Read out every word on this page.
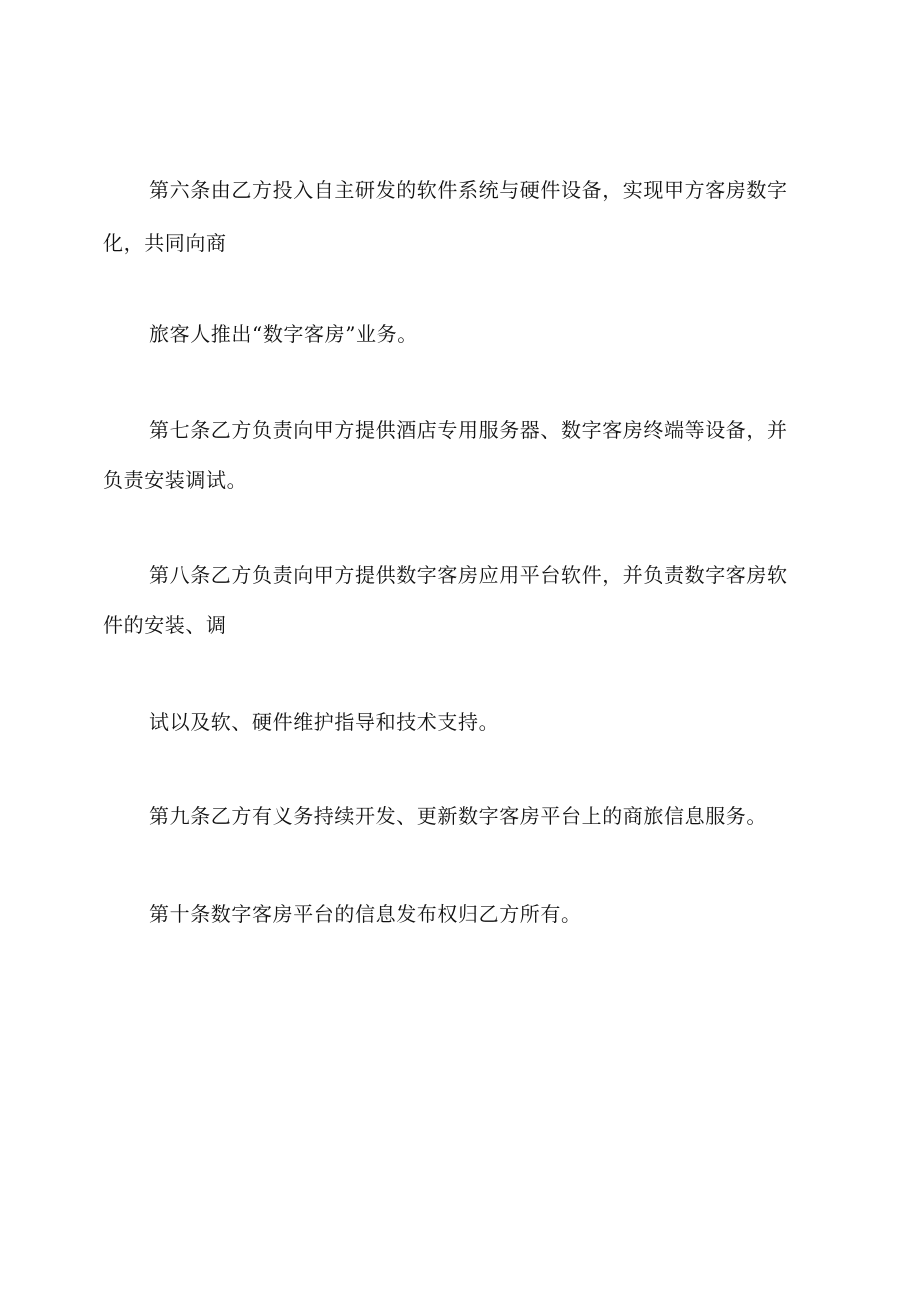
第六条由乙方投入自主研发的软件系统与硬件设备，实现甲方客房数字

化，共同向商

旅客人推出“数字客房”业务。

第七条乙方负责向甲方提供酒店专用服务器、数字客房终端等设备，并

负责安装调试。

第八条乙方负责向甲方提供数字客房应用平台软件，并负责数字客房软

件的安装、调

试以及软、硬件维护指导和技术支持。

第九条乙方有义务持续开发、更新数字客房平台上的商旅信息服务。

第十条数字客房平台的信息发布权归乙方所有。
